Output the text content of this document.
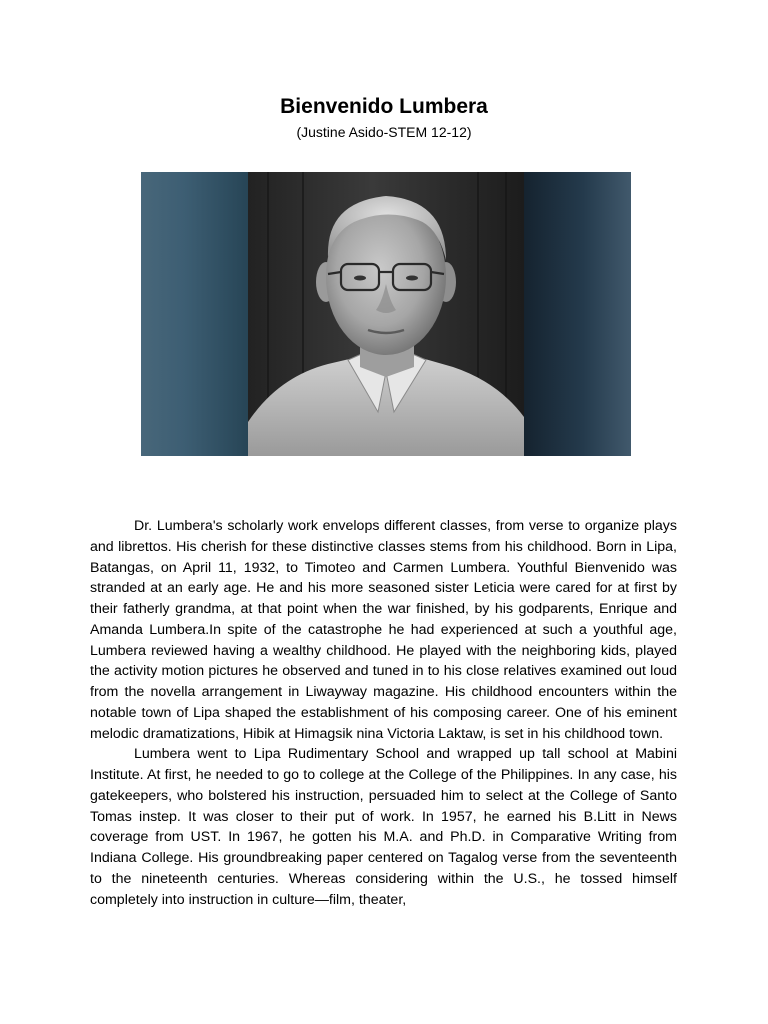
Bienvenido Lumbera
(Justine Asido-STEM 12-12)

Dr. Lumbera's scholarly work envelops different classes, from verse to organize plays and librettos. His cherish for these distinctive classes stems from his childhood. Born in Lipa, Batangas, on April 11, 1932, to Timoteo and Carmen Lumbera. Youthful Bienvenido was stranded at an early age. He and his more seasoned sister Leticia were cared for at first by their fatherly grandma, at that point when the war finished, by his godparents, Enrique and Amanda Lumbera.In spite of the catastrophe he had experienced at such a youthful age, Lumbera reviewed having a wealthy childhood. He played with the neighboring kids, played the activity motion pictures he observed and tuned in to his close relatives examined out loud from the novella arrangement in Liwayway magazine. His childhood encounters within the notable town of Lipa shaped the establishment of his composing career. One of his eminent melodic dramatizations, Hibik at Himagsik nina Victoria Laktaw, is set in his childhood town.

Lumbera went to Lipa Rudimentary School and wrapped up tall school at Mabini Institute. At first, he needed to go to college at the College of the Philippines. In any case, his gatekeepers, who bolstered his instruction, persuaded him to select at the College of Santo Tomas instep. It was closer to their put of work. In 1957, he earned his B.Litt in News coverage from UST. In 1967, he gotten his M.A. and Ph.D. in Comparative Writing from Indiana College. His groundbreaking paper centered on Tagalog verse from the seventeenth to the nineteenth centuries. Whereas considering within the U.S., he tossed himself completely into instruction in culture—film, theater,
